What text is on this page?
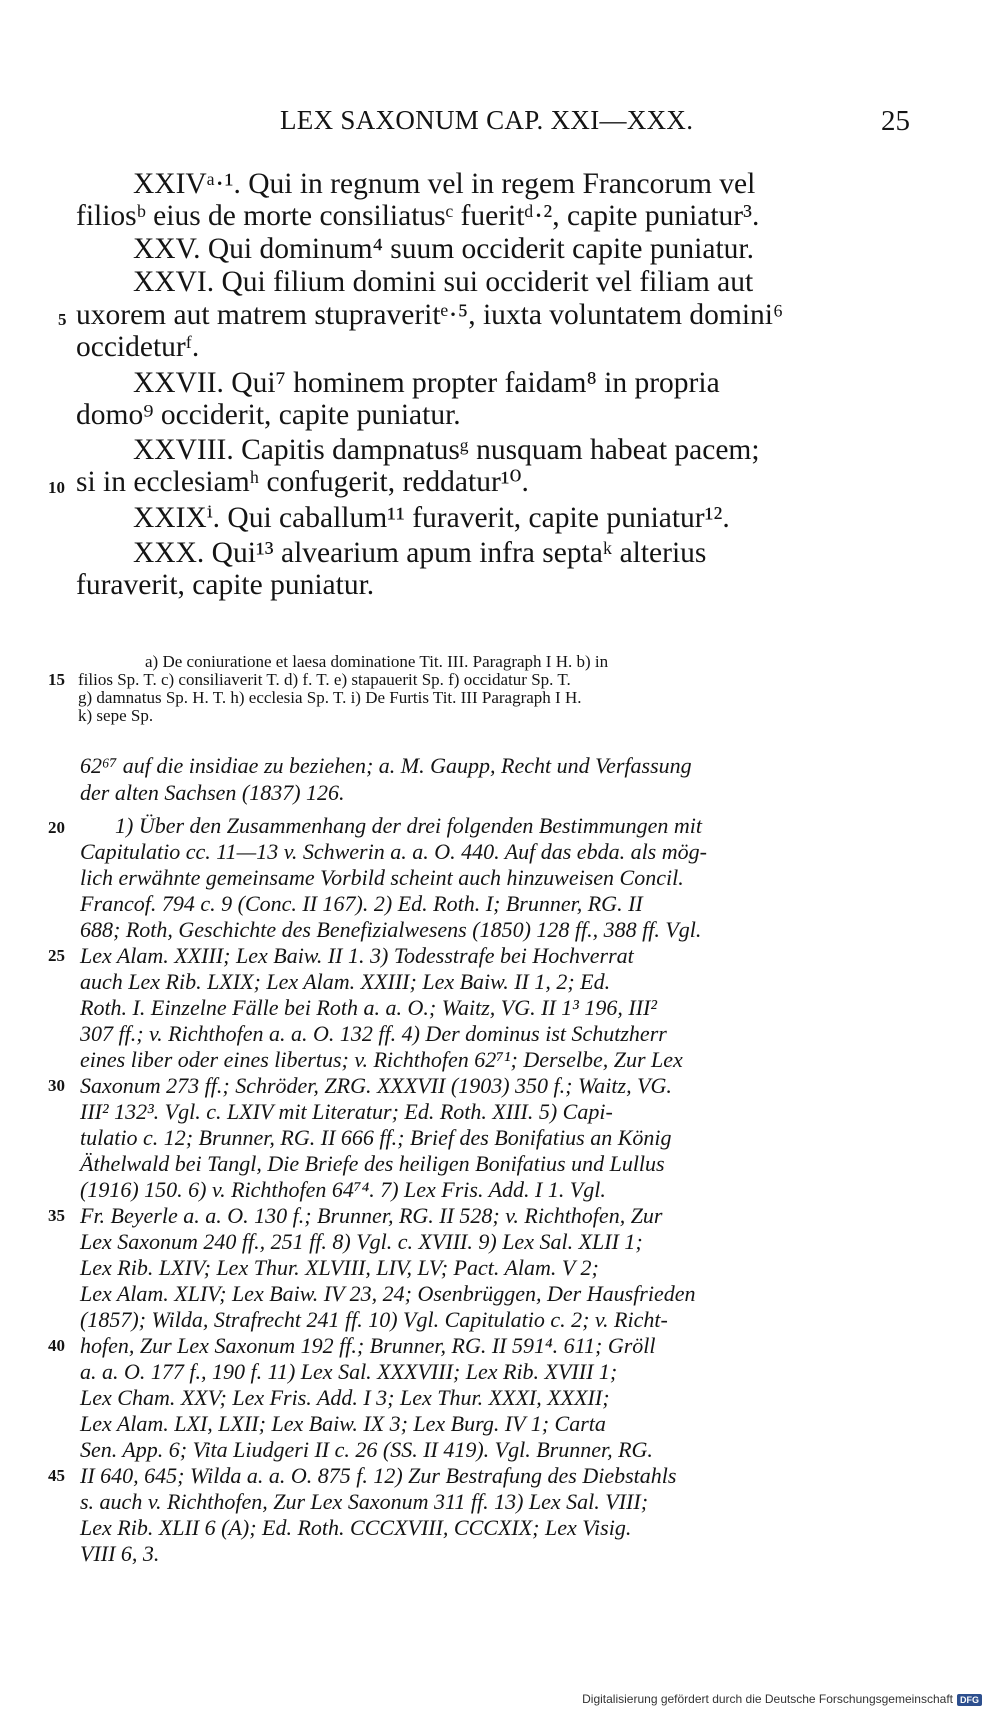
LEX SAXONUM CAP. XXI—XXX.	25
XXIVᵃ·¹. Qui in regnum vel in regem Francorum vel
filiosᵇ eius de morte consiliatusᶜ fueritᵈ·², capite puniatur³.
XXV. Qui dominum⁴ suum occiderit capite puniatur.
XXVI. Qui filium domini sui occiderit vel filiam aut
uxorem aut matrem stupraveritᵉ·⁵, iuxta voluntatem domini⁶
occideturᶠ.
XXVII. Qui⁷ hominem propter faidam⁸ in propria
domo⁹ occiderit, capite puniatur.
XXVIII. Capitis dampnatusᵍ nusquam habeat pacem;
si in ecclesiamʰ confugerit, reddatur¹⁰.
XXIXⁱ. Qui caballum¹¹ furaverit, capite puniatur¹².
XXX. Qui¹³ alvearium apum infra septaᵏ alterius
furaverit, capite puniatur.
a) De coniuratione et laesa dominatione Tit. III. Paragraph I H. b) in
filios Sp. T. c) consiliaverit T. d) f. T. e) stapauerit Sp. f) occidatur Sp. T.
g) damnatus Sp. H. T. h) ecclesia Sp. T. i) De Furtis Tit. III Paragraph I H.
k) sepe Sp.
62⁶⁷ auf die insidiae zu beziehen; a. M. Gaupp, Recht und Verfassung
der alten Sachsen (1837) 126.
1) Über den Zusammenhang der drei folgenden Bestimmungen mit
Capitulatio cc. 11—13 v. Schwerin a. a. O. 440. Auf das ebda. als mög-
lich erwähnte gemeinsame Vorbild scheint auch hinzuweisen Concil.
Francof. 794 c. 9 (Conc. II 167). 2) Ed. Roth. I; Brunner, RG. II
688; Roth, Geschichte des Benefizialwesens (1850) 128 ff., 388 ff. Vgl.
Lex Alam. XXIII; Lex Baiw. II 1. 3) Todesstrafe bei Hochverrat
auch Lex Rib. LXIX; Lex Alam. XXIII; Lex Baiw. II 1, 2; Ed.
Roth. I. Einzelne Fälle bei Roth a. a. O.; Waitz, VG. II 1³ 196, III²
307 ff.; v. Richthofen a. a. O. 132 ff. 4) Der dominus ist Schutzherr
eines liber oder eines libertus; v. Richthofen 62⁷¹; Derselbe, Zur Lex
Saxonum 273 ff.; Schröder, ZRG. XXXVII (1903) 350 f.; Waitz, VG.
III² 132³. Vgl. c. LXIV mit Literatur; Ed. Roth. XIII. 5) Capi-
tulatio c. 12; Brunner, RG. II 666 ff.; Brief des Bonifatius an König
Äthelwald bei Tangl, Die Briefe des heiligen Bonifatius und Lullus
(1916) 150. 6) v. Richthofen 64⁷⁴. 7) Lex Fris. Add. I 1. Vgl.
Fr. Beyerle a. a. O. 130 f.; Brunner, RG. II 528; v. Richthofen, Zur
Lex Saxonum 240 ff., 251 ff. 8) Vgl. c. XVIII. 9) Lex Sal. XLII 1;
Lex Rib. LXIV; Lex Thur. XLVIII, LIV, LV; Pact. Alam. V 2;
Lex Alam. XLIV; Lex Baiw. IV 23, 24; Osenbrüggen, Der Hausfrieden
(1857); Wilda, Strafrecht 241 ff. 10) Vgl. Capitulatio c. 2; v. Richt-
hofen, Zur Lex Saxonum 192 ff.; Brunner, RG. II 591⁴. 611; Gröll
a. a. O. 177 f., 190 f. 11) Lex Sal. XXXVIII; Lex Rib. XVIII 1;
Lex Cham. XXV; Lex Fris. Add. I 3; Lex Thur. XXXI, XXXII;
Lex Alam. LXI, LXII; Lex Baiw. IX 3; Lex Burg. IV 1; Carta
Sen. App. 6; Vita Liudgeri II c. 26 (SS. II 419). Vgl. Brunner, RG.
II 640, 645; Wilda a. a. O. 875 f. 12) Zur Bestrafung des Diebstahls
s. auch v. Richthofen, Zur Lex Saxonum 311 ff. 13) Lex Sal. VIII;
Lex Rib. XLII 6 (A); Ed. Roth. CCCXVIII, CCCXIX; Lex Visig.
VIII 6, 3.
5
10
15
20
25
30
35
40
45
Digitalisierung gefördert durch die Deutsche Forschungsgemeinschaft DFG
